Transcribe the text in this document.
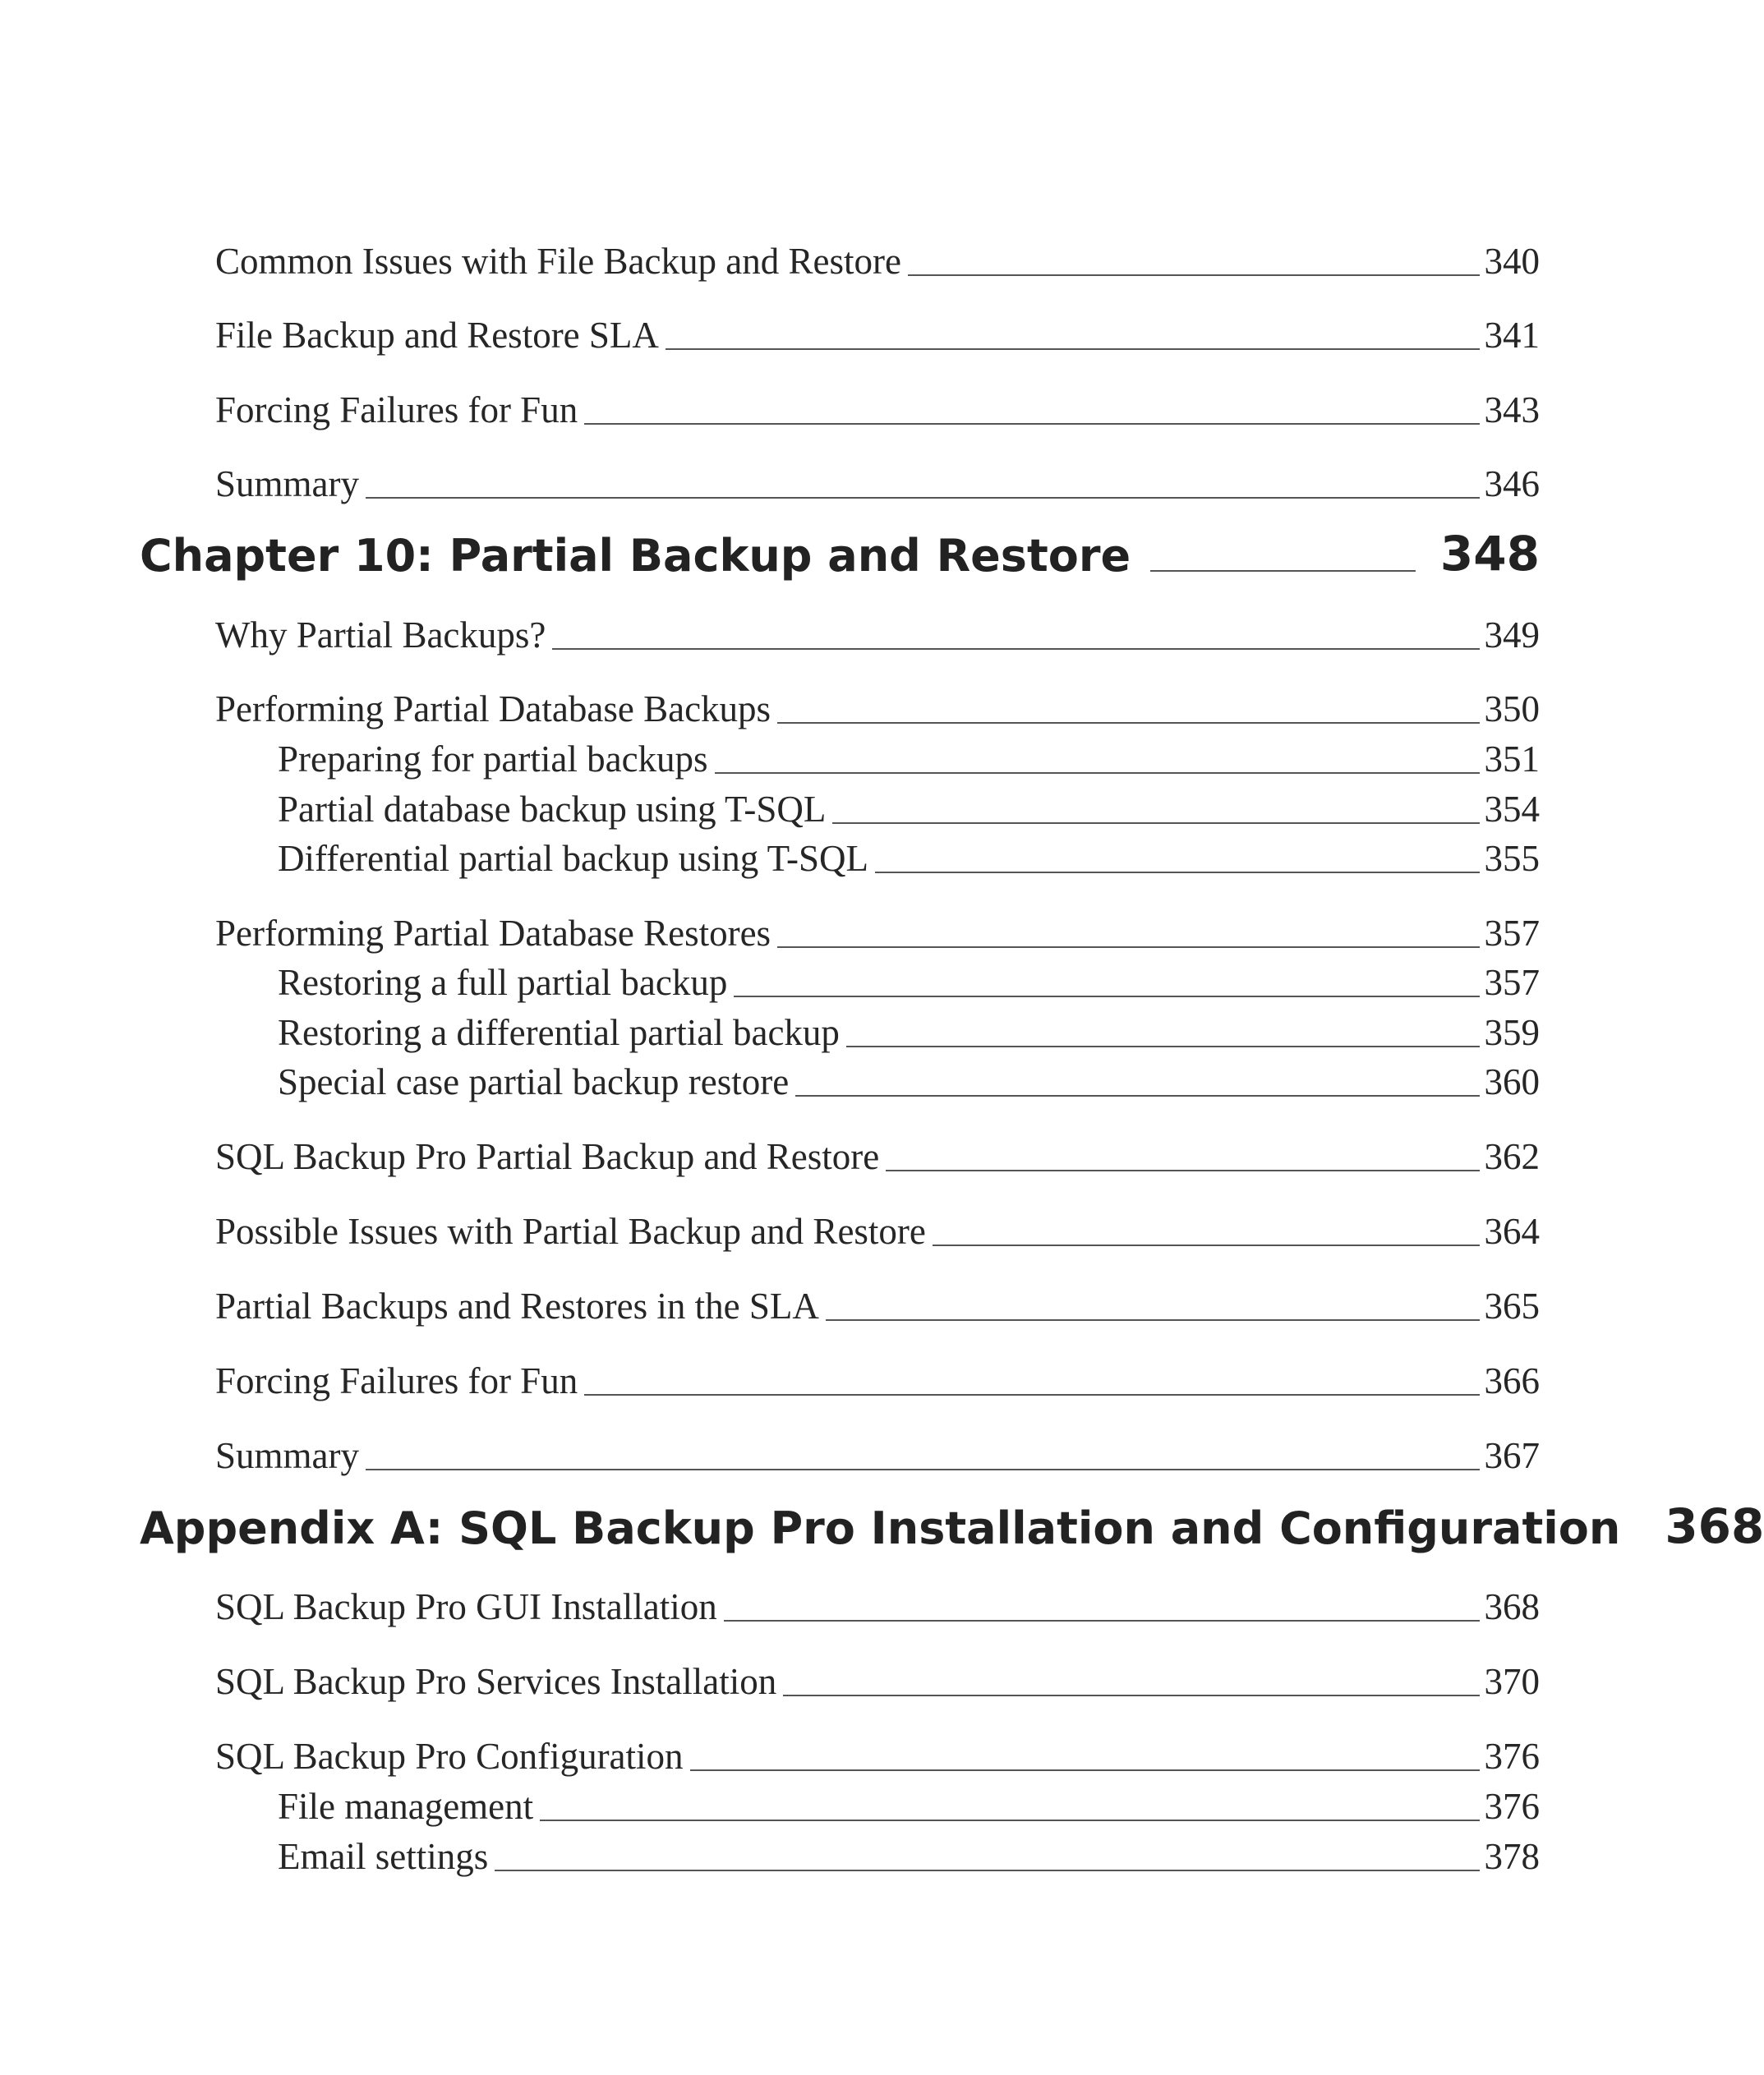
Common Issues with File Backup and Restore	340
File Backup and Restore SLA	341
Forcing Failures for Fun	343
Summary	346
Chapter 10: Partial Backup and Restore	348
Why Partial Backups?	349
Performing Partial Database Backups	350
Preparing for partial backups	351
Partial database backup using T-SQL	354
Differential partial backup using T-SQL	355
Performing Partial Database Restores	357
Restoring a full partial backup	357
Restoring a differential partial backup	359
Special case partial backup restore	360
SQL Backup Pro Partial Backup and Restore	362
Possible Issues with Partial Backup and Restore	364
Partial Backups and Restores in the SLA	365
Forcing Failures for Fun	366
Summary	367
Appendix A: SQL Backup Pro Installation and Configuration 368
SQL Backup Pro GUI Installation	368
SQL Backup Pro Services Installation	370
SQL Backup Pro Configuration	376
File management	376
Email settings	378
